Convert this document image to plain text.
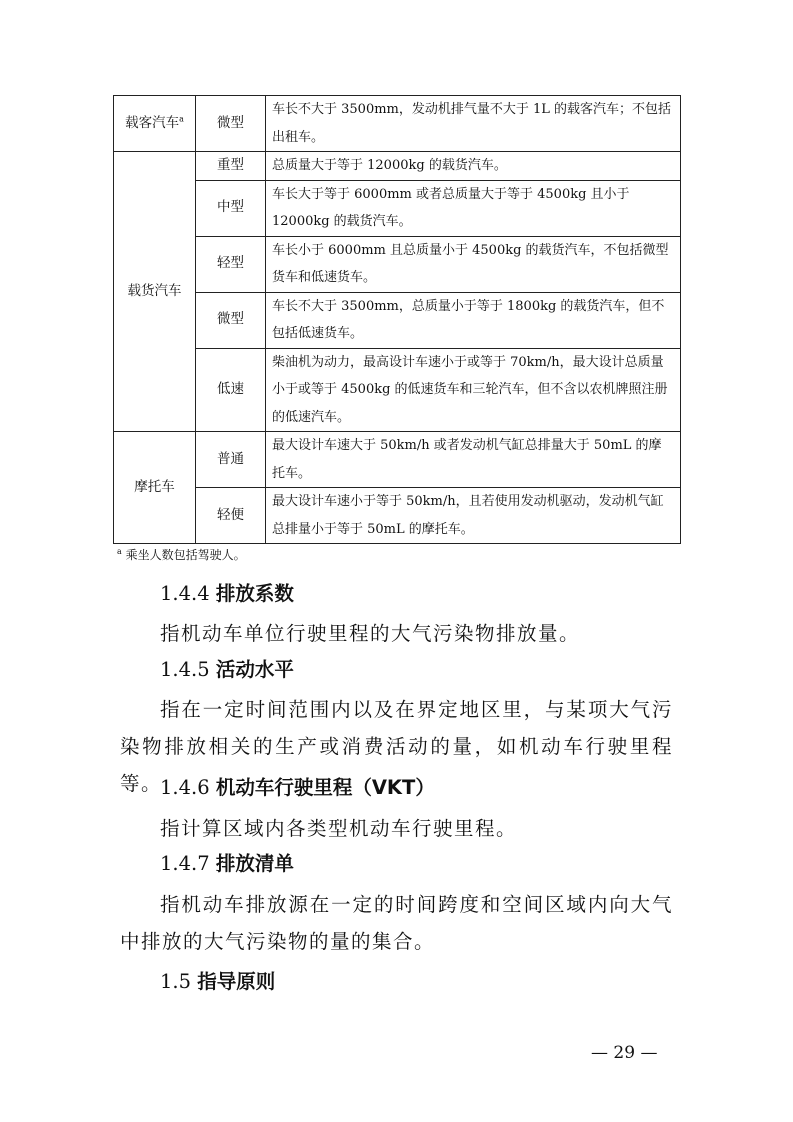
载客汽车$^a$	微型	车长不大于 3500mm，发动机排气量不大于 1L 的载客汽车；不包括出租车。
载货汽车	重型	总质量大于等于 12000kg 的载货汽车。
	中型	车长大于等于 6000mm 或者总质量大于等于 4500kg 且小于 12000kg 的载货汽车。
	轻型	车长小于 6000mm 且总质量小于 4500kg 的载货汽车，不包括微型货车和低速货车。
	微型	车长不大于 3500mm，总质量小于等于 1800kg 的载货汽车，但不包括低速货车。
	低速	柴油机为动力，最高设计车速小于或等于 70km/h，最大设计总质量小于或等于 4500kg 的低速货车和三轮汽车，但不含以农机牌照注册的低速汽车。
摩托车	普通	最大设计车速大于 50km/h 或者发动机气缸总排量大于 50mL 的摩托车。
	轻便	最大设计车速小于等于 50km/h，且若使用发动机驱动，发动机气缸总排量小于等于 50mL 的摩托车。
$^a$ 乘坐人数包括驾驶人。
1.4.4 排放系数

指机动车单位行驶里程的大气污染物排放量。

1.4.5 活动水平

指在一定时间范围内以及在界定地区里，与某项大气污染物排放相关的生产或消费活动的量，如机动车行驶里程等。

1.4.6 机动车行驶里程（VKT）

指计算区域内各类型机动车行驶里程。

1.4.7 排放清单

指机动车排放源在一定的时间跨度和空间区域内向大气中排放的大气污染物的量的集合。

1.5 指导原则
— 29 —
